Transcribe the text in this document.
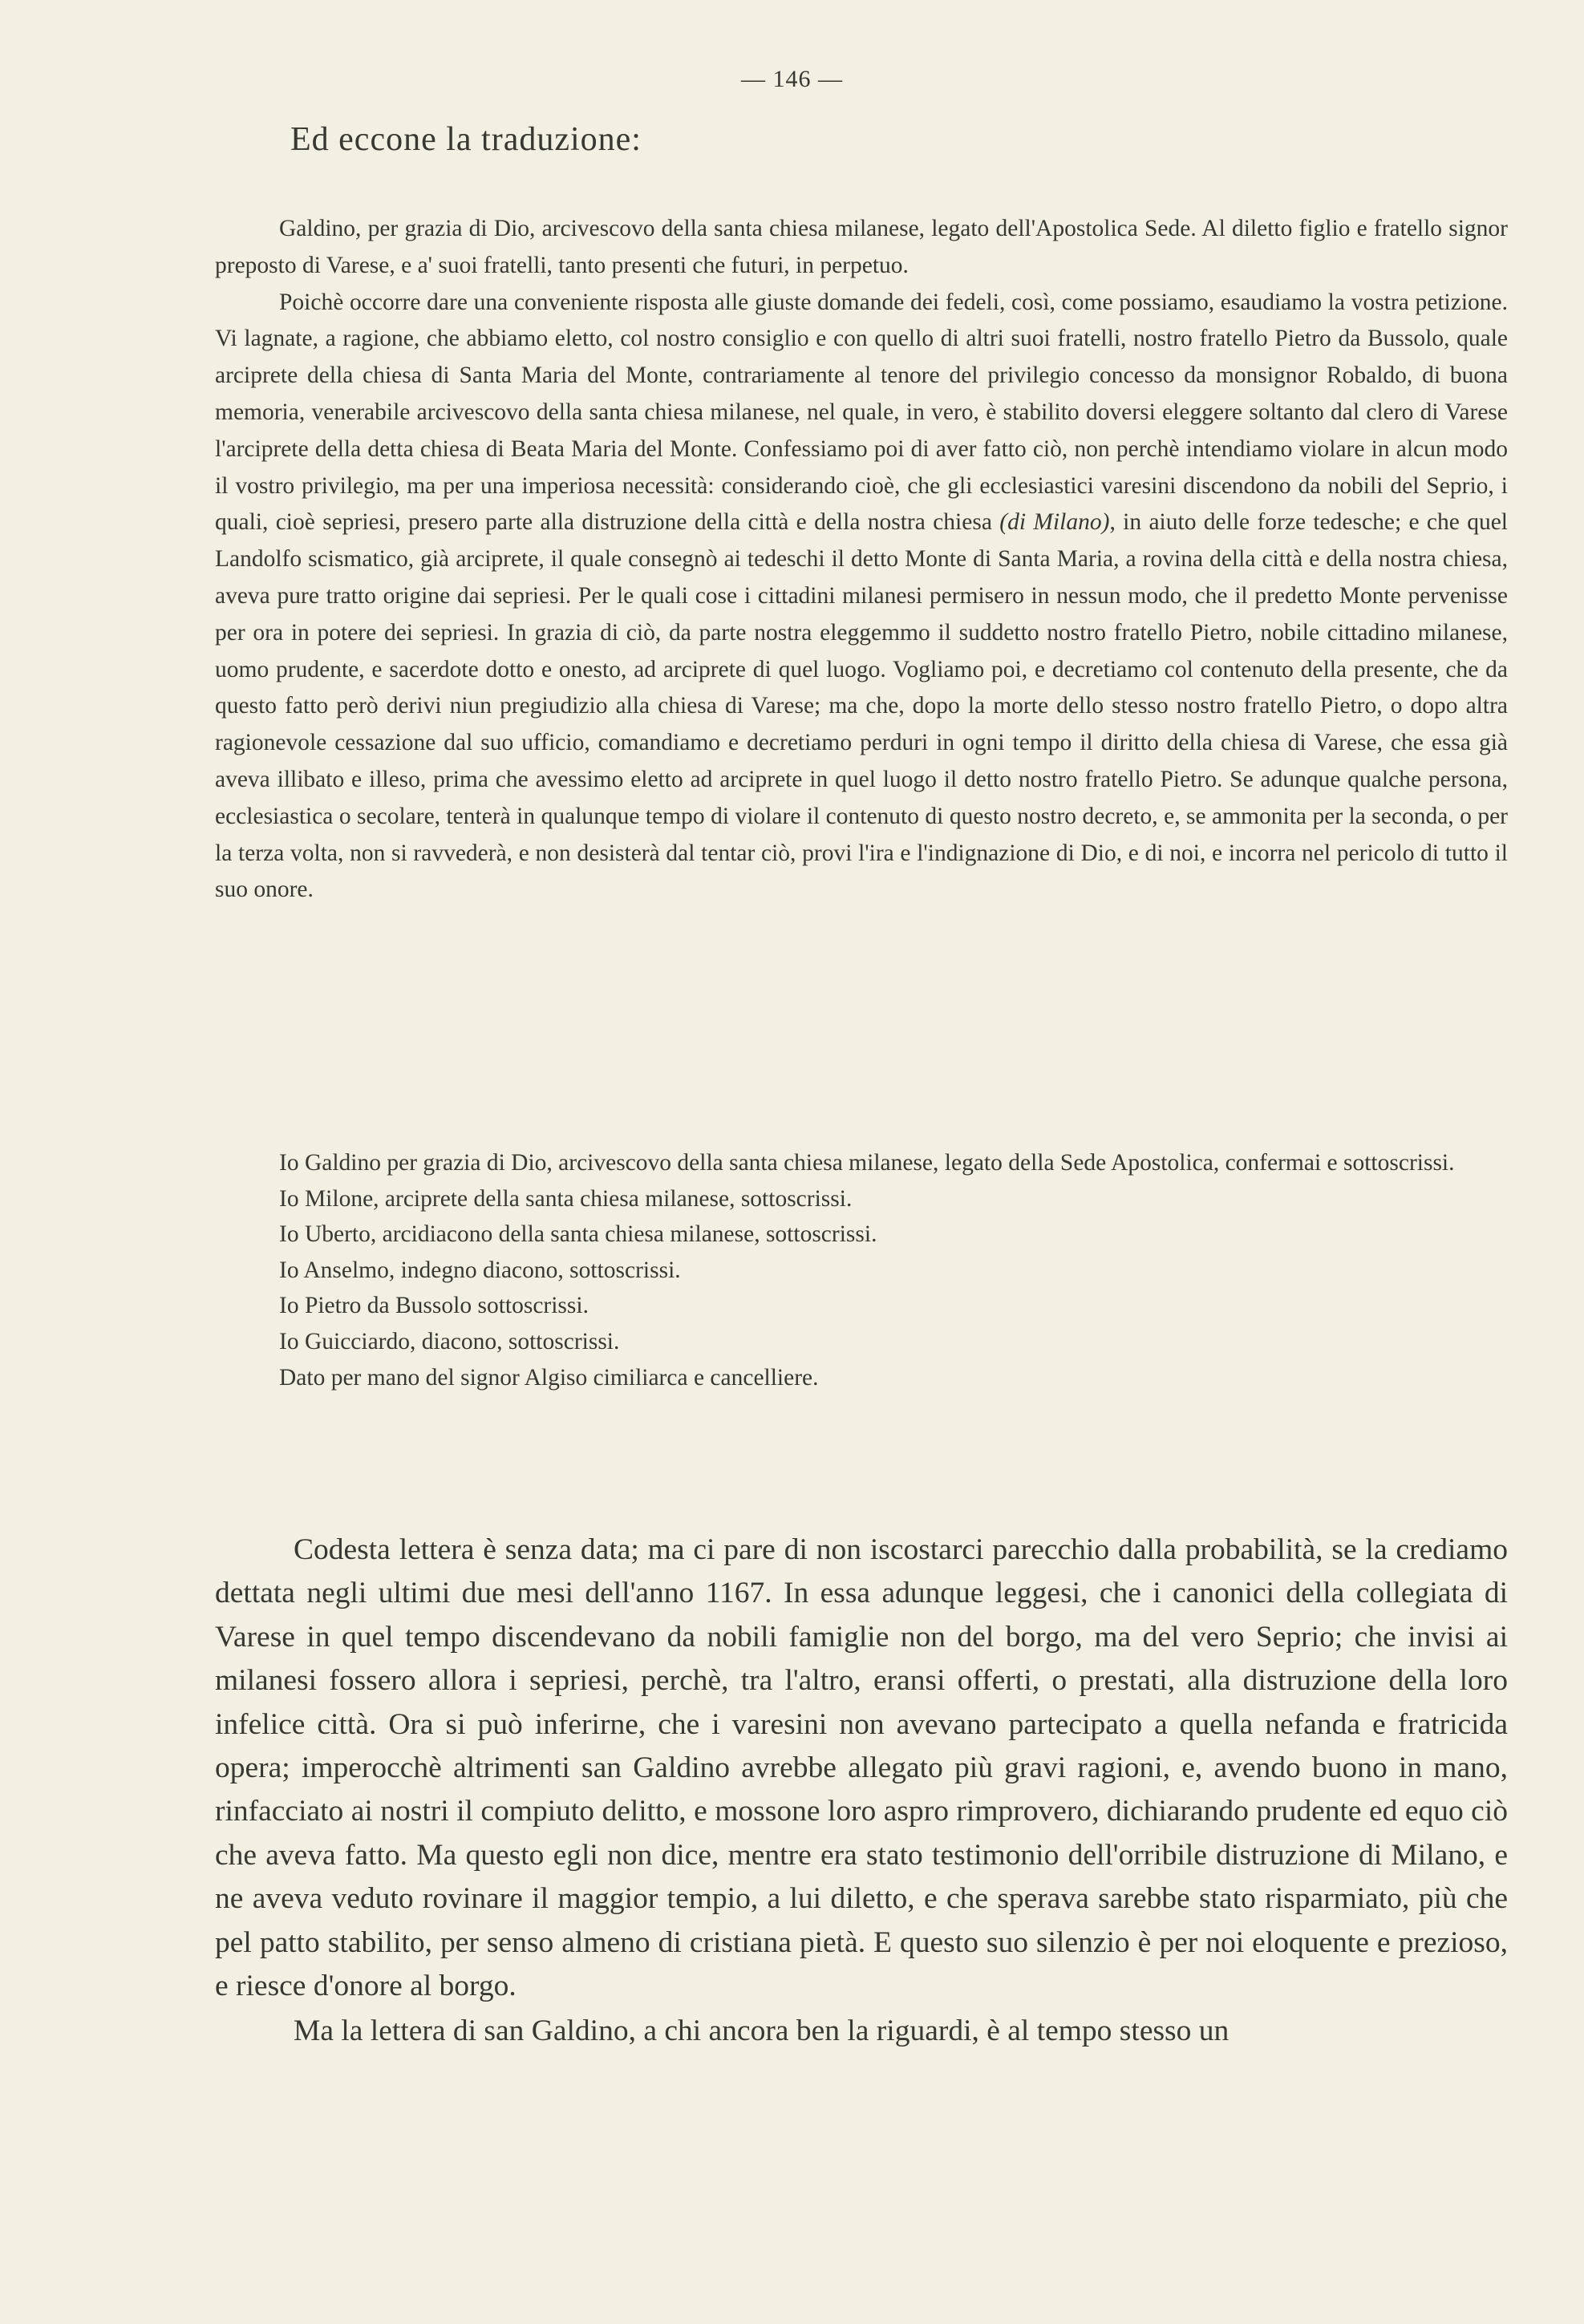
— 146 —
Ed eccone la traduzione:

Galdino, per grazia di Dio, arcivescovo della santa chiesa milanese, legato dell'Apostolica Sede. Al diletto figlio e fratello signor preposto di Varese, e a' suoi fratelli, tanto presenti che futuri, in perpetuo.

Poichè occorre dare una conveniente risposta alle giuste domande dei fedeli, così, come possiamo, esaudiamo la vostra petizione. Vi lagnate, a ragione, che abbiamo eletto, col nostro consiglio e con quello di altri suoi fratelli, nostro fratello Pietro da Bussolo, quale arciprete della chiesa di Santa Maria del Monte, contrariamente al tenore del privilegio concesso da monsignor Robaldo, di buona memoria, venerabile arcivescovo della santa chiesa milanese, nel quale, in vero, è stabilito doversi eleggere soltanto dal clero di Varese l'arciprete della detta chiesa di Beata Maria del Monte. Confessiamo poi di aver fatto ciò, non perchè intendiamo violare in alcun modo il vostro privilegio, ma per una imperiosa necessità: considerando cioè, che gli ecclesiastici varesini discendono da nobili del Seprio, i quali, cioè sepriesi, presero parte alla distruzione della città e della nostra chiesa (di Milano), in aiuto delle forze tedesche; e che quel Landolfo scismatico, già arciprete, il quale consegnò ai tedeschi il detto Monte di Santa Maria, a rovina della città e della nostra chiesa, aveva pure tratto origine dai sepriesi. Per le quali cose i cittadini milanesi permisero in nessun modo, che il predetto Monte pervenisse per ora in potere dei sepriesi. In grazia di ciò, da parte nostra eleggemmo il suddetto nostro fratello Pietro, nobile cittadino milanese, uomo prudente, e sacerdote dotto e onesto, ad arciprete di quel luogo. Vogliamo poi, e decretiamo col contenuto della presente, che da questo fatto però derivi niun pregiudizio alla chiesa di Varese; ma che, dopo la morte dello stesso nostro fratello Pietro, o dopo altra ragionevole cessazione dal suo ufficio, comandiamo e decretiamo perduri in ogni tempo il diritto della chiesa di Varese, che essa già aveva illibato e illeso, prima che avessimo eletto ad arciprete in quel luogo il detto nostro fratello Pietro. Se adunque qualche persona, ecclesiastica o secolare, tenterà in qualunque tempo di violare il contenuto di questo nostro decreto, e, se ammonita per la seconda, o per la terza volta, non si ravvederà, e non desisterà dal tentar ciò, provi l'ira e l'indignazione di Dio, e di noi, e incorra nel pericolo di tutto il suo onore.

Io Galdino per grazia di Dio, arcivescovo della santa chiesa milanese, legato della Sede Apostolica, confermai e sottoscrissi.

Io Milone, arciprete della santa chiesa milanese, sottoscrissi.

Io Uberto, arcidiacono della santa chiesa milanese, sottoscrissi.

Io Anselmo, indegno diacono, sottoscrissi.

Io Pietro da Bussolo sottoscrissi.

Io Guicciardo, diacono, sottoscrissi.

Dato per mano del signor Algiso cimiliarca e cancelliere.

Codesta lettera è senza data; ma ci pare di non iscostarci parecchio dalla probabilità, se la crediamo dettata negli ultimi due mesi dell'anno 1167. In essa adunque leggesi, che i canonici della collegiata di Varese in quel tempo discendevano da nobili famiglie non del borgo, ma del vero Seprio; che invisi ai milanesi fossero allora i sepriesi, perchè, tra l'altro, eransi offerti, o prestati, alla distruzione della loro infelice città. Ora si può inferirne, che i varesini non avevano partecipato a quella nefanda e fratricida opera; imperocchè altrimenti san Galdino avrebbe allegato più gravi ragioni, e, avendo buono in mano, rinfacciato ai nostri il compiuto delitto, e mossone loro aspro rimprovero, dichiarando prudente ed equo ciò che aveva fatto. Ma questo egli non dice, mentre era stato testimonio dell'orribile distruzione di Milano, e ne aveva veduto rovinare il maggior tempio, a lui diletto, e che sperava sarebbe stato risparmiato, più che pel patto stabilito, per senso almeno di cristiana pietà. E questo suo silenzio è per noi eloquente e prezioso, e riesce d'onore al borgo.

Ma la lettera di san Galdino, a chi ancora ben la riguardi, è al tempo stesso un
